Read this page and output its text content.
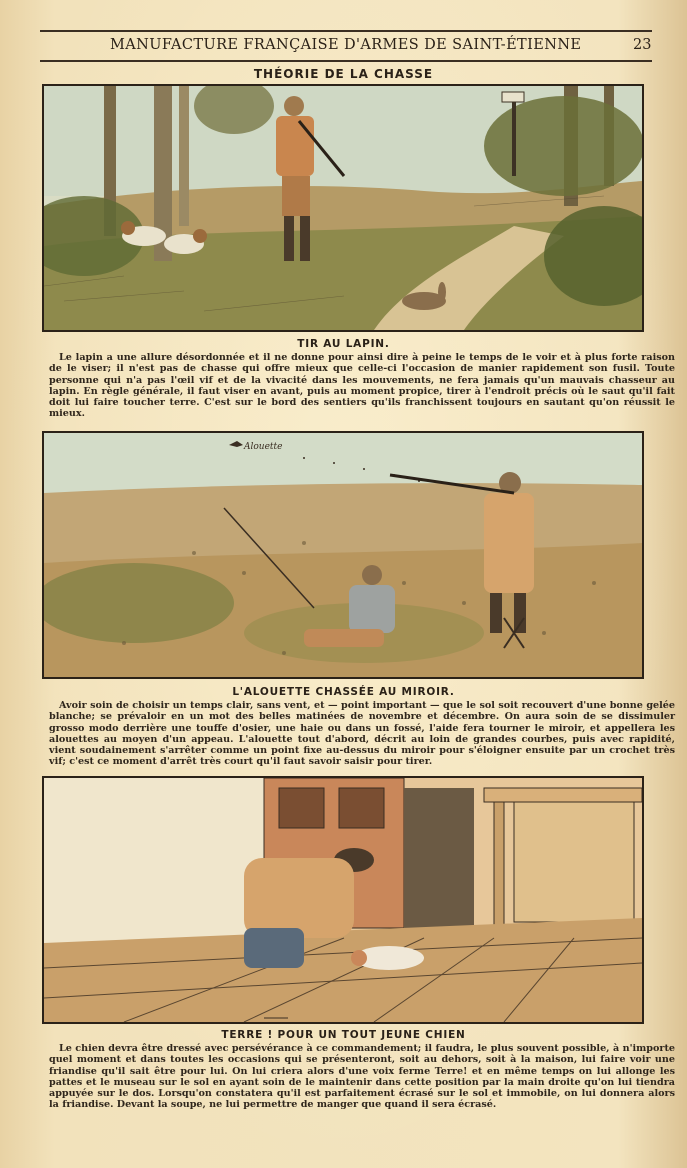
MANUFACTURE FRANÇAISE D'ARMES DE SAINT-ÉTIENNE	23
THÉORIE DE LA CHASSE
TIR AU LAPIN.
Le lapin a une allure désordonnée et il ne donne pour ainsi dire à peine le temps de le voir et à plus forte raison de le viser; il n'est pas de chasse qui offre mieux que celle-ci l'occasion de manier rapidement son fusil. Toute personne qui n'a pas l'œil vif et de la vivacité dans les mouvements, ne fera jamais qu'un mauvais chasseur au lapin. En règle générale, il faut viser en avant, puis au moment propice, tirer à l'endroit précis où le saut qu'il fait doit lui faire toucher terre. C'est sur le bord des sentiers qu'ils franchissent toujours en sautant qu'on réussit le mieux.
Alouette
L'ALOUETTE CHASSÉE AU MIROIR.
Avoir soin de choisir un temps clair, sans vent, et — point important — que le sol soit recouvert d'une bonne gelée blanche; se prévaloir en un mot des belles matinées de novembre et décembre. On aura soin de se dissimuler grosso modo derrière une touffe d'osier, une haie ou dans un fossé, l'aide fera tourner le miroir, et appellera les alouettes au moyen d'un appeau. L'alouette tout d'abord, décrit au loin de grandes courbes, puis avec rapidité, vient soudainement s'arrêter comme un point fixe au-dessus du miroir pour s'éloigner ensuite par un crochet très vif; c'est ce moment d'arrêt très court qu'il faut savoir saisir pour tirer.
TERRE ! POUR UN TOUT JEUNE CHIEN
Le chien devra être dressé avec persévérance à ce commandement; il faudra, le plus souvent possible, à n'importe quel moment et dans toutes les occasions qui se présenteront, soit au dehors, soit à la maison, lui faire voir une friandise qu'il sait être pour lui. On lui criera alors d'une voix ferme Terre! et en même temps on lui allonge les pattes et le museau sur le sol en ayant soin de le maintenir dans cette position par la main droite qu'on lui tiendra appuyée sur le dos. Lorsqu'on constatera qu'il est parfaitement écrasé sur le sol et immobile, on lui donnera alors la friandise. Devant la soupe, ne lui permettre de manger que quand il sera écrasé.
